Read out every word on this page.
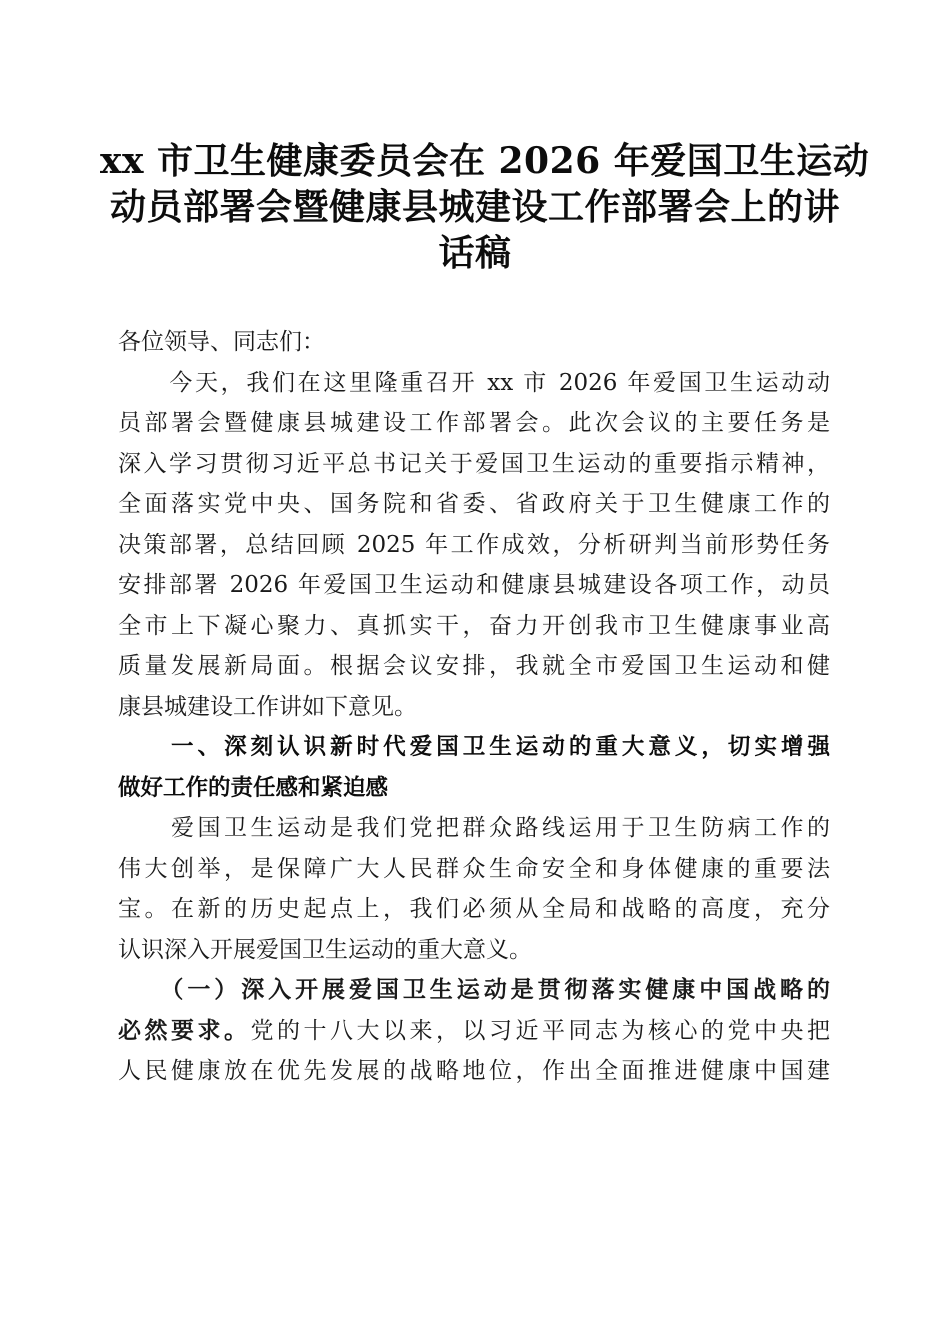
xx 市卫生健康委员会在 2026 年爱国卫生运动
动员部署会暨健康县城建设工作部署会上的讲
话稿

各位领导、同志们：

　　今天，我们在这里隆重召开 xx 市 2026 年爱国卫生运动动
员部署会暨健康县城建设工作部署会。此次会议的主要任务是
深入学习贯彻习近平总书记关于爱国卫生运动的重要指示精神，
全面落实党中央、国务院和省委、省政府关于卫生健康工作的
决策部署，总结回顾 2025 年工作成效，分析研判当前形势任务
安排部署 2026 年爱国卫生运动和健康县城建设各项工作，动员
全市上下凝心聚力、真抓实干，奋力开创我市卫生健康事业高
质量发展新局面。根据会议安排，我就全市爱国卫生运动和健
康县城建设工作讲如下意见。

　　一、深刻认识新时代爱国卫生运动的重大意义，切实增强
做好工作的责任感和紧迫感

　　爱国卫生运动是我们党把群众路线运用于卫生防病工作的
伟大创举，是保障广大人民群众生命安全和身体健康的重要法
宝。在新的历史起点上，我们必须从全局和战略的高度，充分
认识深入开展爱国卫生运动的重大意义。

　　（一）深入开展爱国卫生运动是贯彻落实健康中国战略的
必然要求。党的十八大以来，以习近平同志为核心的党中央把
人民健康放在优先发展的战略地位，作出全面推进健康中国建
